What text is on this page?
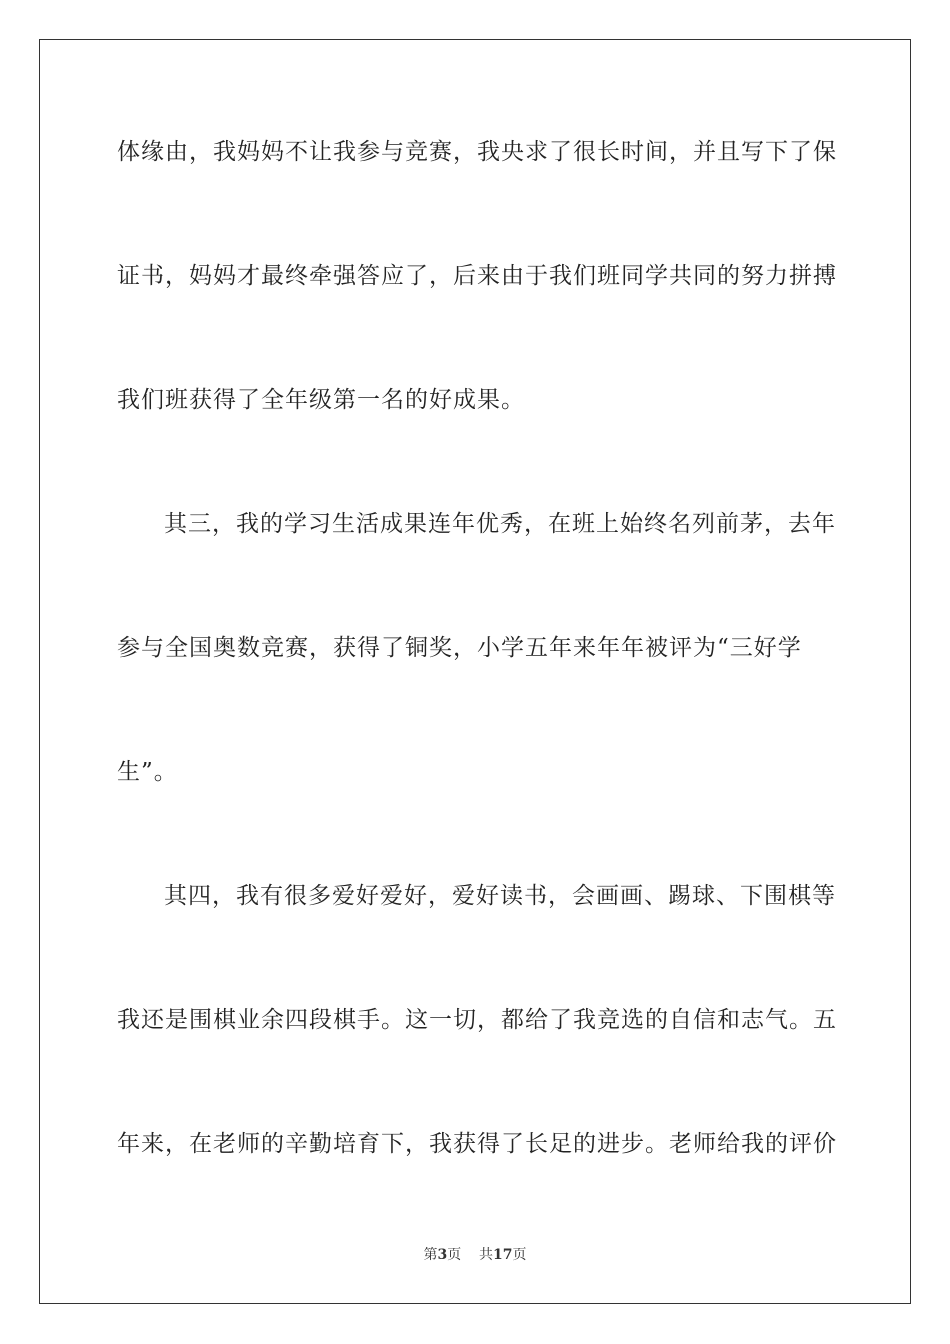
体缘由，我妈妈不让我参与竞赛，我央求了很长时间，并且写下了保
证书，妈妈才最终牵强答应了，后来由于我们班同学共同的努力拼搏
我们班获得了全年级第一名的好成果。
其三，我的学习生活成果连年优秀，在班上始终名列前茅，去年
参与全国奥数竞赛，获得了铜奖，小学五年来年年被评为“三好学
生”。
其四，我有很多爱好爱好，爱好读书，会画画、踢球、下围棋等
我还是围棋业余四段棋手。这一切，都给了我竞选的自信和志气。五
年来，在老师的辛勤培育下，我获得了长足的进步。老师给我的评价
第3页 共17页
